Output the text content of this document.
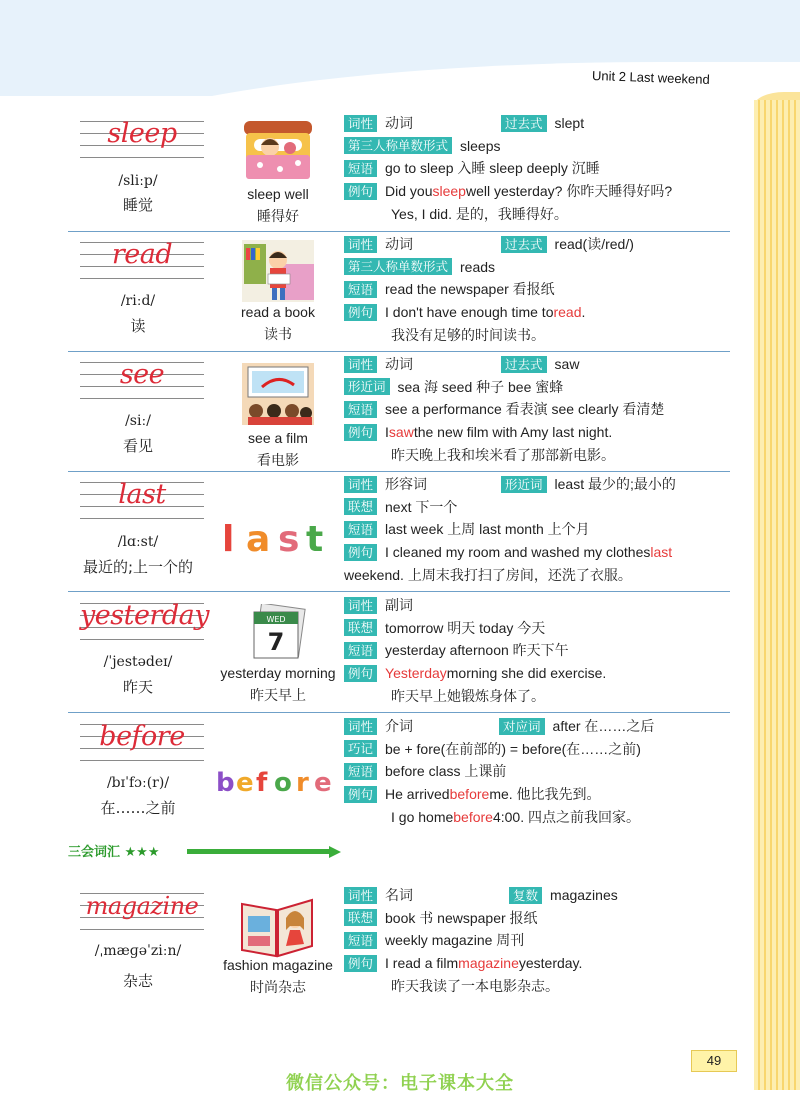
Unit 2 Last weekend
sleep
/sliːp/
睡觉
sleep well
睡得好
词性 动词	过去式 slept
第三人称单数形式 sleeps
短语 go to sleep 入睡 sleep deeply 沉睡
例句 Did you sleep well yesterday? 你昨天睡得好吗?
Yes, I did. 是的，我睡得好。
read
/riːd/
读
read a book
读书
词性 动词	过去式 read(读/red/)
第三人称单数形式 reads
短语 read the newspaper 看报纸
例句 I don't have enough time to read .
我没有足够的时间读书。
see
/siː/
看见	see a film
看电影
词性 动词	过去式 saw
形近词 sea 海 seed 种子 bee 蜜蜂
短语 see a performance 看表演 see clearly 看清楚
例句 I saw the new film with Amy last night.
昨天晚上我和埃米看了那部新电影。
last
/lɑːst/
最近的;上一个的
l a s t
词性 形容词	形近词 least 最少的;最小的
联想 next 下一个
短语 last week 上周 last month 上个月
例句 I cleaned my room and washed my clothes last
weekend. 上周末我打扫了房间，还洗了衣服。
yesterday
/ˈjestədeɪ/
昨天
WED
7
yesterday morning
昨天早上
词性 副词
联想 tomorrow 明天 today 今天
短语 yesterday afternoon 昨天下午
例句 Yesterday morning she did exercise.
昨天早上她锻炼身体了。
before
/bɪˈfɔː(r)/
在……之前
b e f o r e
词性 介词	对应词 after 在……之后
巧记 be + fore(在前部的) = before(在……之前)
短语 before class 上课前
例句 He arrived before me. 他比我先到。
I go home before 4:00. 四点之前我回家。
三会词汇 ★★★
magazine
/ˌmæɡəˈziːn/
杂志
fashion magazine
时尚杂志
词性 名词	复数 magazines
联想 book 书 newspaper 报纸
短语 weekly magazine 周刊
例句 I read a film magazine yesterday.
昨天我读了一本电影杂志。
49
微信公众号：电子课本大全
